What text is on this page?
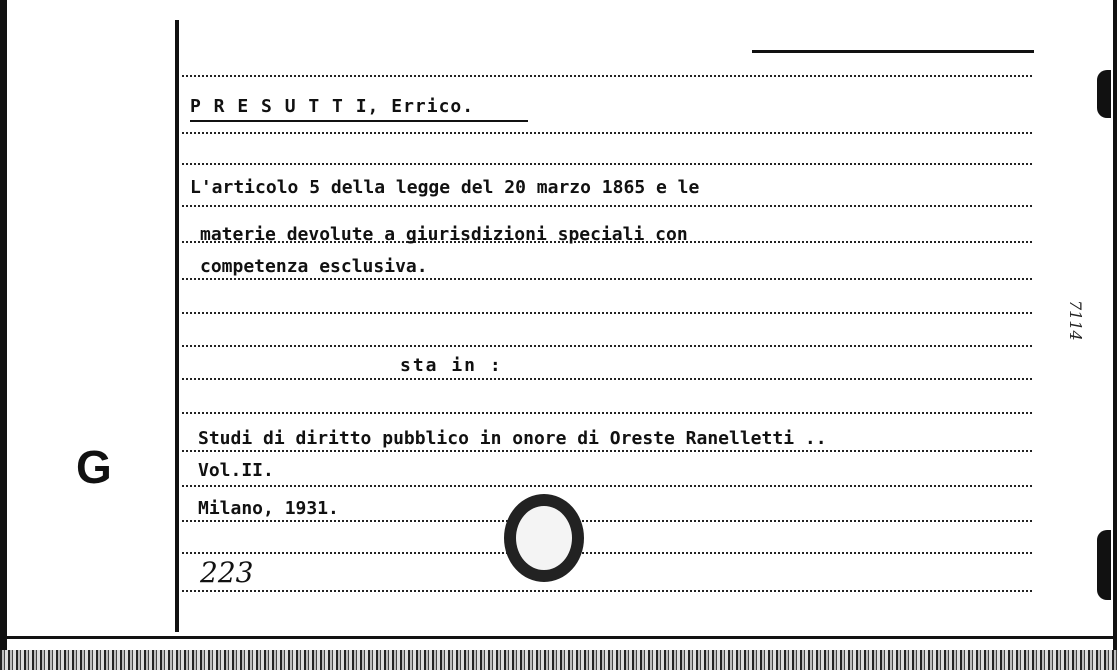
P R E S U T T I, Errico.

L'articolo 5 della legge del 20 marzo 1865 e le

materie devolute a giurisdizioni speciali con

competenza esclusiva.

sta in :

Studi di diritto pubblico in onore di Oreste Ranelletti ..

Vol.II.

Milano, 1931.

223

G

7114
